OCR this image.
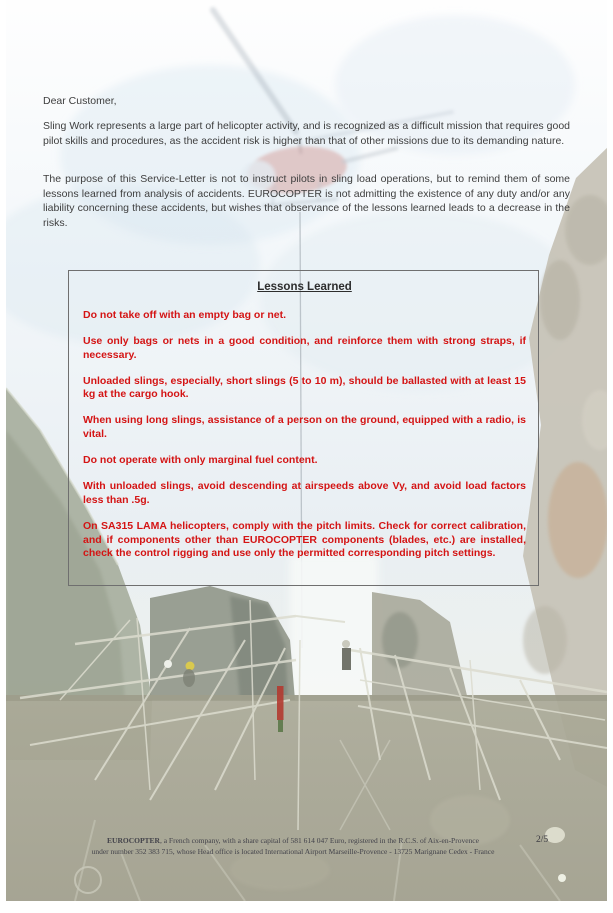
Dear Customer,

Sling Work represents a large part of helicopter activity, and is recognized as a difficult mission that requires good pilot skills and procedures, as the accident risk is higher than that of other missions due to its demanding nature.

The purpose of this Service-Letter is not to instruct pilots in sling load operations, but to remind them of some lessons learned from analysis of accidents. EUROCOPTER is not admitting the existence of any duty and/or any liability concerning these accidents, but wishes that observance of the lessons learned leads to a decrease in the risks.

Lessons Learned

Do not take off with an empty bag or net.

Use only bags or nets in a good condition, and reinforce them with strong straps, if necessary.

Unloaded slings, especially, short slings (5 to 10 m), should be ballasted with at least 15 kg at the cargo hook.

When using long slings, assistance of a person on the ground, equipped with a radio, is vital.

Do not operate with only marginal fuel content.

With unloaded slings, avoid descending at airspeeds above Vy, and avoid load factors less than .5g.

On SA315 LAMA helicopters, comply with the pitch limits. Check for correct calibration, and if components other than EUROCOPTER components (blades, etc.) are installed, check the control rigging and use only the permitted corresponding pitch settings.

EUROCOPTER, a French company, with a share capital of 581 614 047 Euro, registered in the R.C.S. of Aix-en-Provence
under number 352 383 715, whose Head office is located International Airport Marseille-Provence - 13725 Marignane Cedex - France
2/5
